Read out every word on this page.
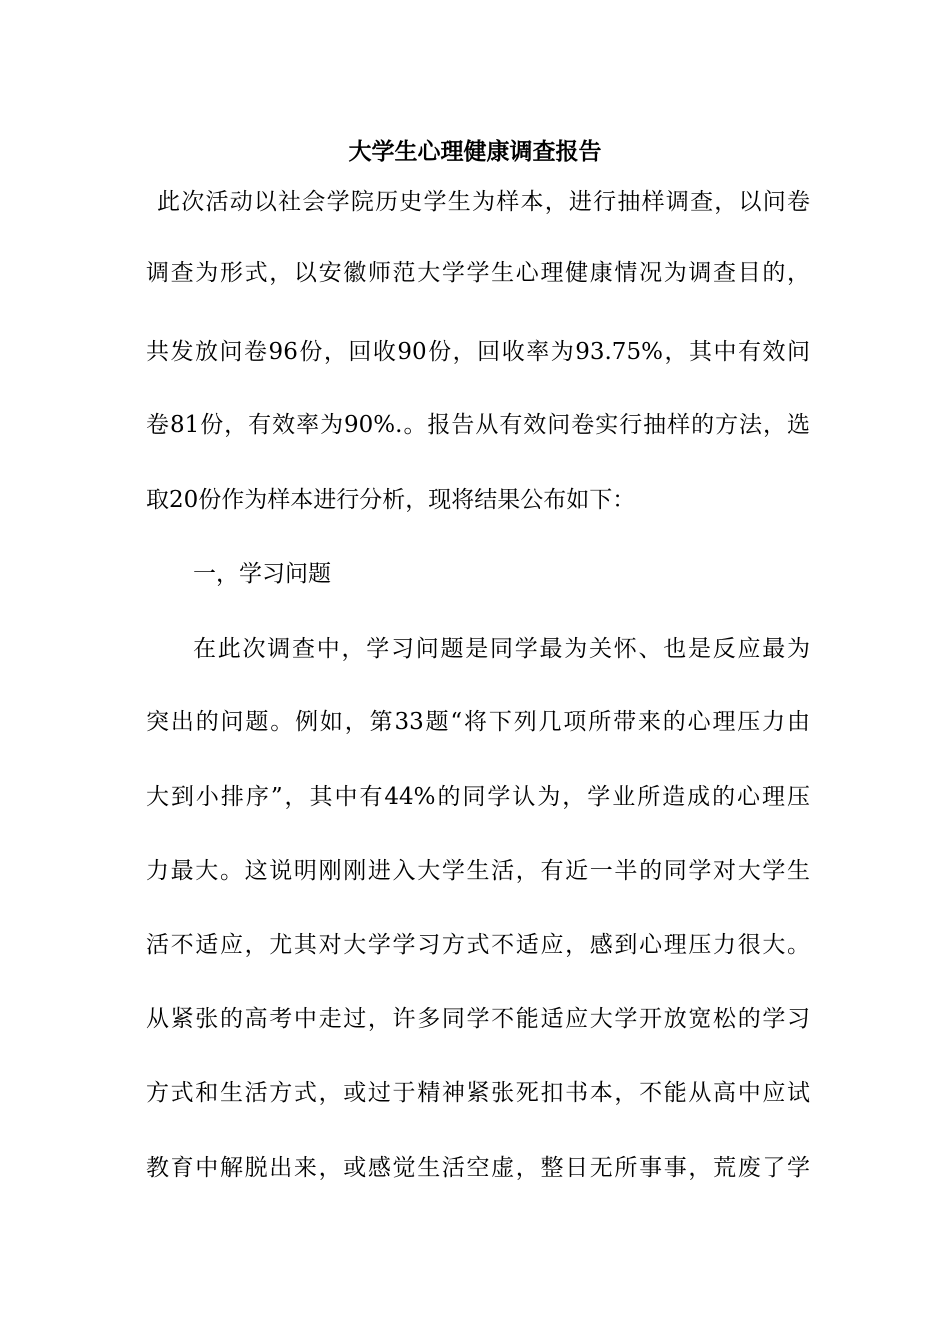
大学生心理健康调查报告
此次活动以社会学院历史学生为样本，进行抽样调查，以问卷
调查为形式，以安徽师范大学学生心理健康情况为调查目的，
共发放问卷96份，回收90份，回收率为93.75%，其中有效问
卷81份，有效率为90%.。报告从有效问卷实行抽样的方法，选
取20份作为样本进行分析，现将结果公布如下：
一，学习问题
在此次调查中，学习问题是同学最为关怀、也是反应最为
突出的问题。例如，第33题“将下列几项所带来的心理压力由
大到小排序”，其中有44%的同学认为，学业所造成的心理压
力最大。这说明刚刚进入大学生活，有近一半的同学对大学生
活不适应，尤其对大学学习方式不适应，感到心理压力很大。
从紧张的高考中走过，许多同学不能适应大学开放宽松的学习
方式和生活方式，或过于精神紧张死扣书本，不能从高中应试
教育中解脱出来，或感觉生活空虚，整日无所事事，荒废了学
